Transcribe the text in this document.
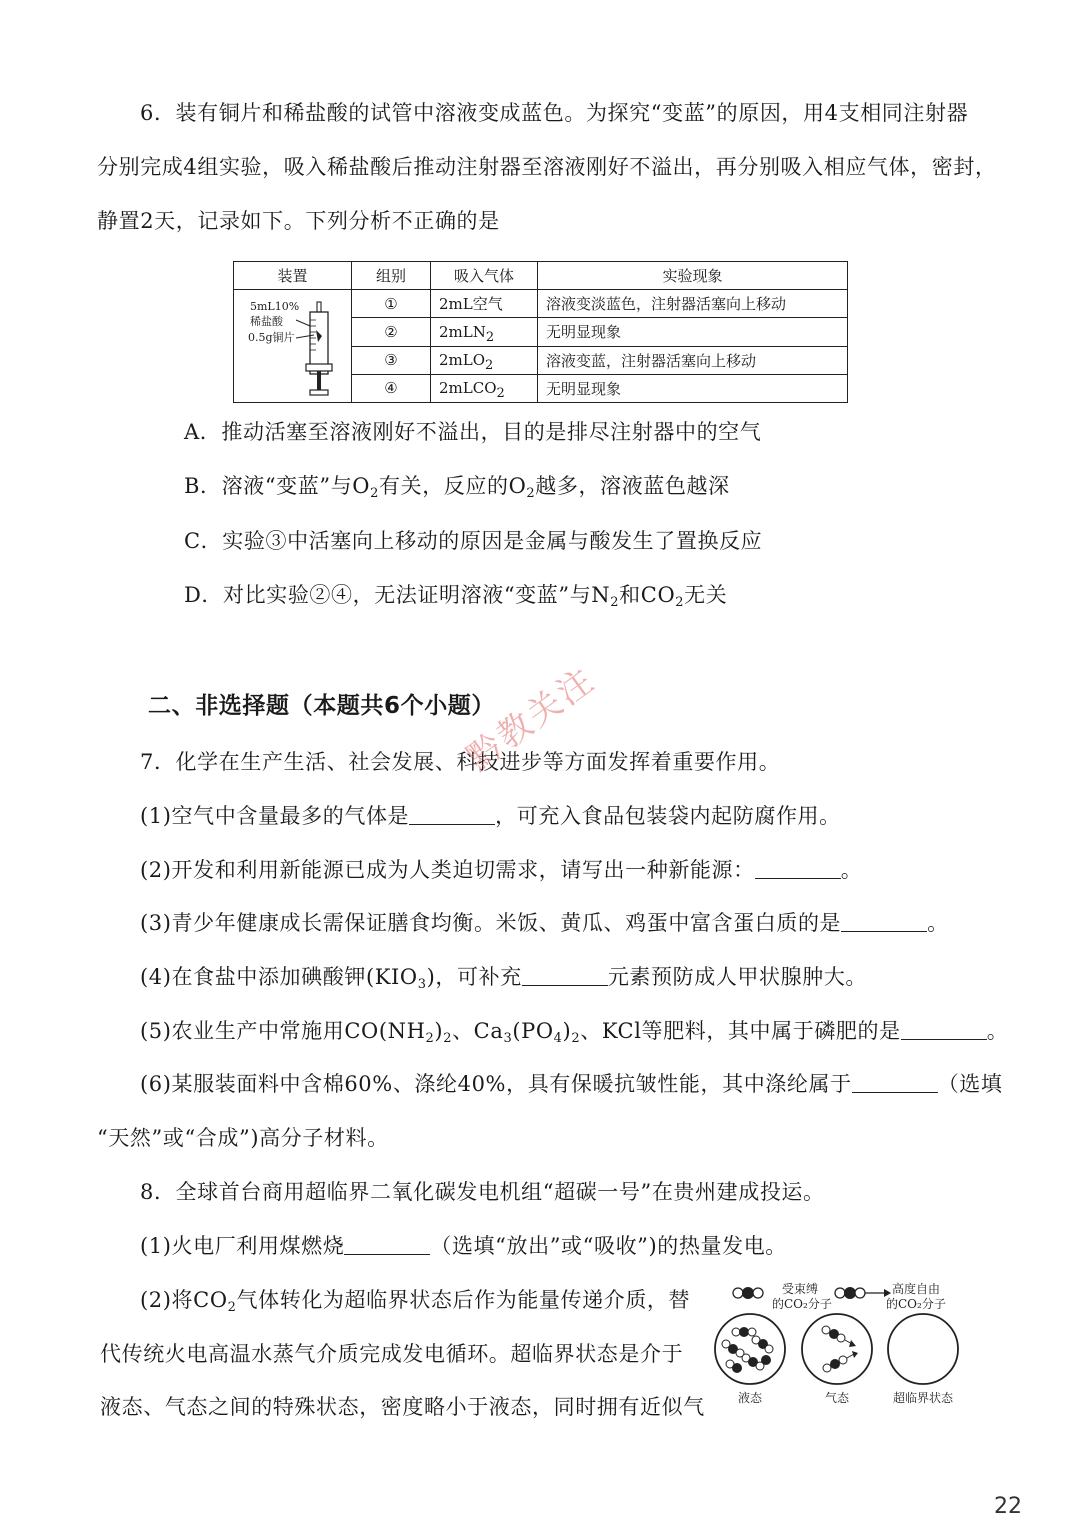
6．装有铜片和稀盐酸的试管中溶液变成蓝色。为探究“变蓝”的原因，用4支相同注射器
分别完成4组实验，吸入稀盐酸后推动注射器至溶液刚好不溢出，再分别吸入相应气体，密封，
静置2天，记录如下。下列分析不正确的是
装置	组别	吸入气体	实验现象

5mL10%
稀盐酸
0.5g铜片	①	2mL空气	溶液变淡蓝色，注射器活塞向上移动
	②	2mLN$_2$	无明显现象
	③	2mLO$_2$	溶液变蓝，注射器活塞向上移动
	④	2mLCO$_2$	无明显现象
A．推动活塞至溶液刚好不溢出，目的是排尽注射器中的空气
B．溶液“变蓝”与$O_2$有关，反应的$O_2$越多，溶液蓝色越深
C．实验③中活塞向上移动的原因是金属与酸发生了置换反应
D．对比实验②④，无法证明溶液“变蓝”与$N_2$和$CO_2$无关
二、非选择题（本题共6个小题）
7．化学在生产生活、社会发展、科技进步等方面发挥着重要作用。
(1)空气中含量最多的气体是	，可充入食品包装袋内起防腐作用。
(2)开发和利用新能源已成为人类迫切需求，请写出一种新能源：	。
(3)青少年健康成长需保证膳食均衡。米饭、黄瓜、鸡蛋中富含蛋白质的是	。
(4)在食盐中添加碘酸钾$(KIO_3)$，可补充	元素预防成人甲状腺肿大。
(5)农业生产中常施用$CO(NH_2)_2$、$Ca_3(PO_4)_2$、KCl等肥料，其中属于磷肥的是	。
(6)某服装面料中含棉60%、涤纶40%，具有保暖抗皱性能，其中涤纶属于	（选填
“天然”或“合成”)高分子材料。
8．全球首台商用超临界二氧化碳发电机组“超碳一号”在贵州建成投运。
(1)火电厂利用煤燃烧	（选填“放出”或“吸收”)的热量发电。
(2)将$CO_2$气体转化为超临界状态后作为能量传递介质，替
代传统火电高温水蒸气介质完成发电循环。超临界状态是介于
液态、气态之间的特殊状态，密度略小于液态，同时拥有近似气
受束缚
的CO₂分子
高度自由
的CO₂分子
液态	气态	超临界状态
黔教关注
22
